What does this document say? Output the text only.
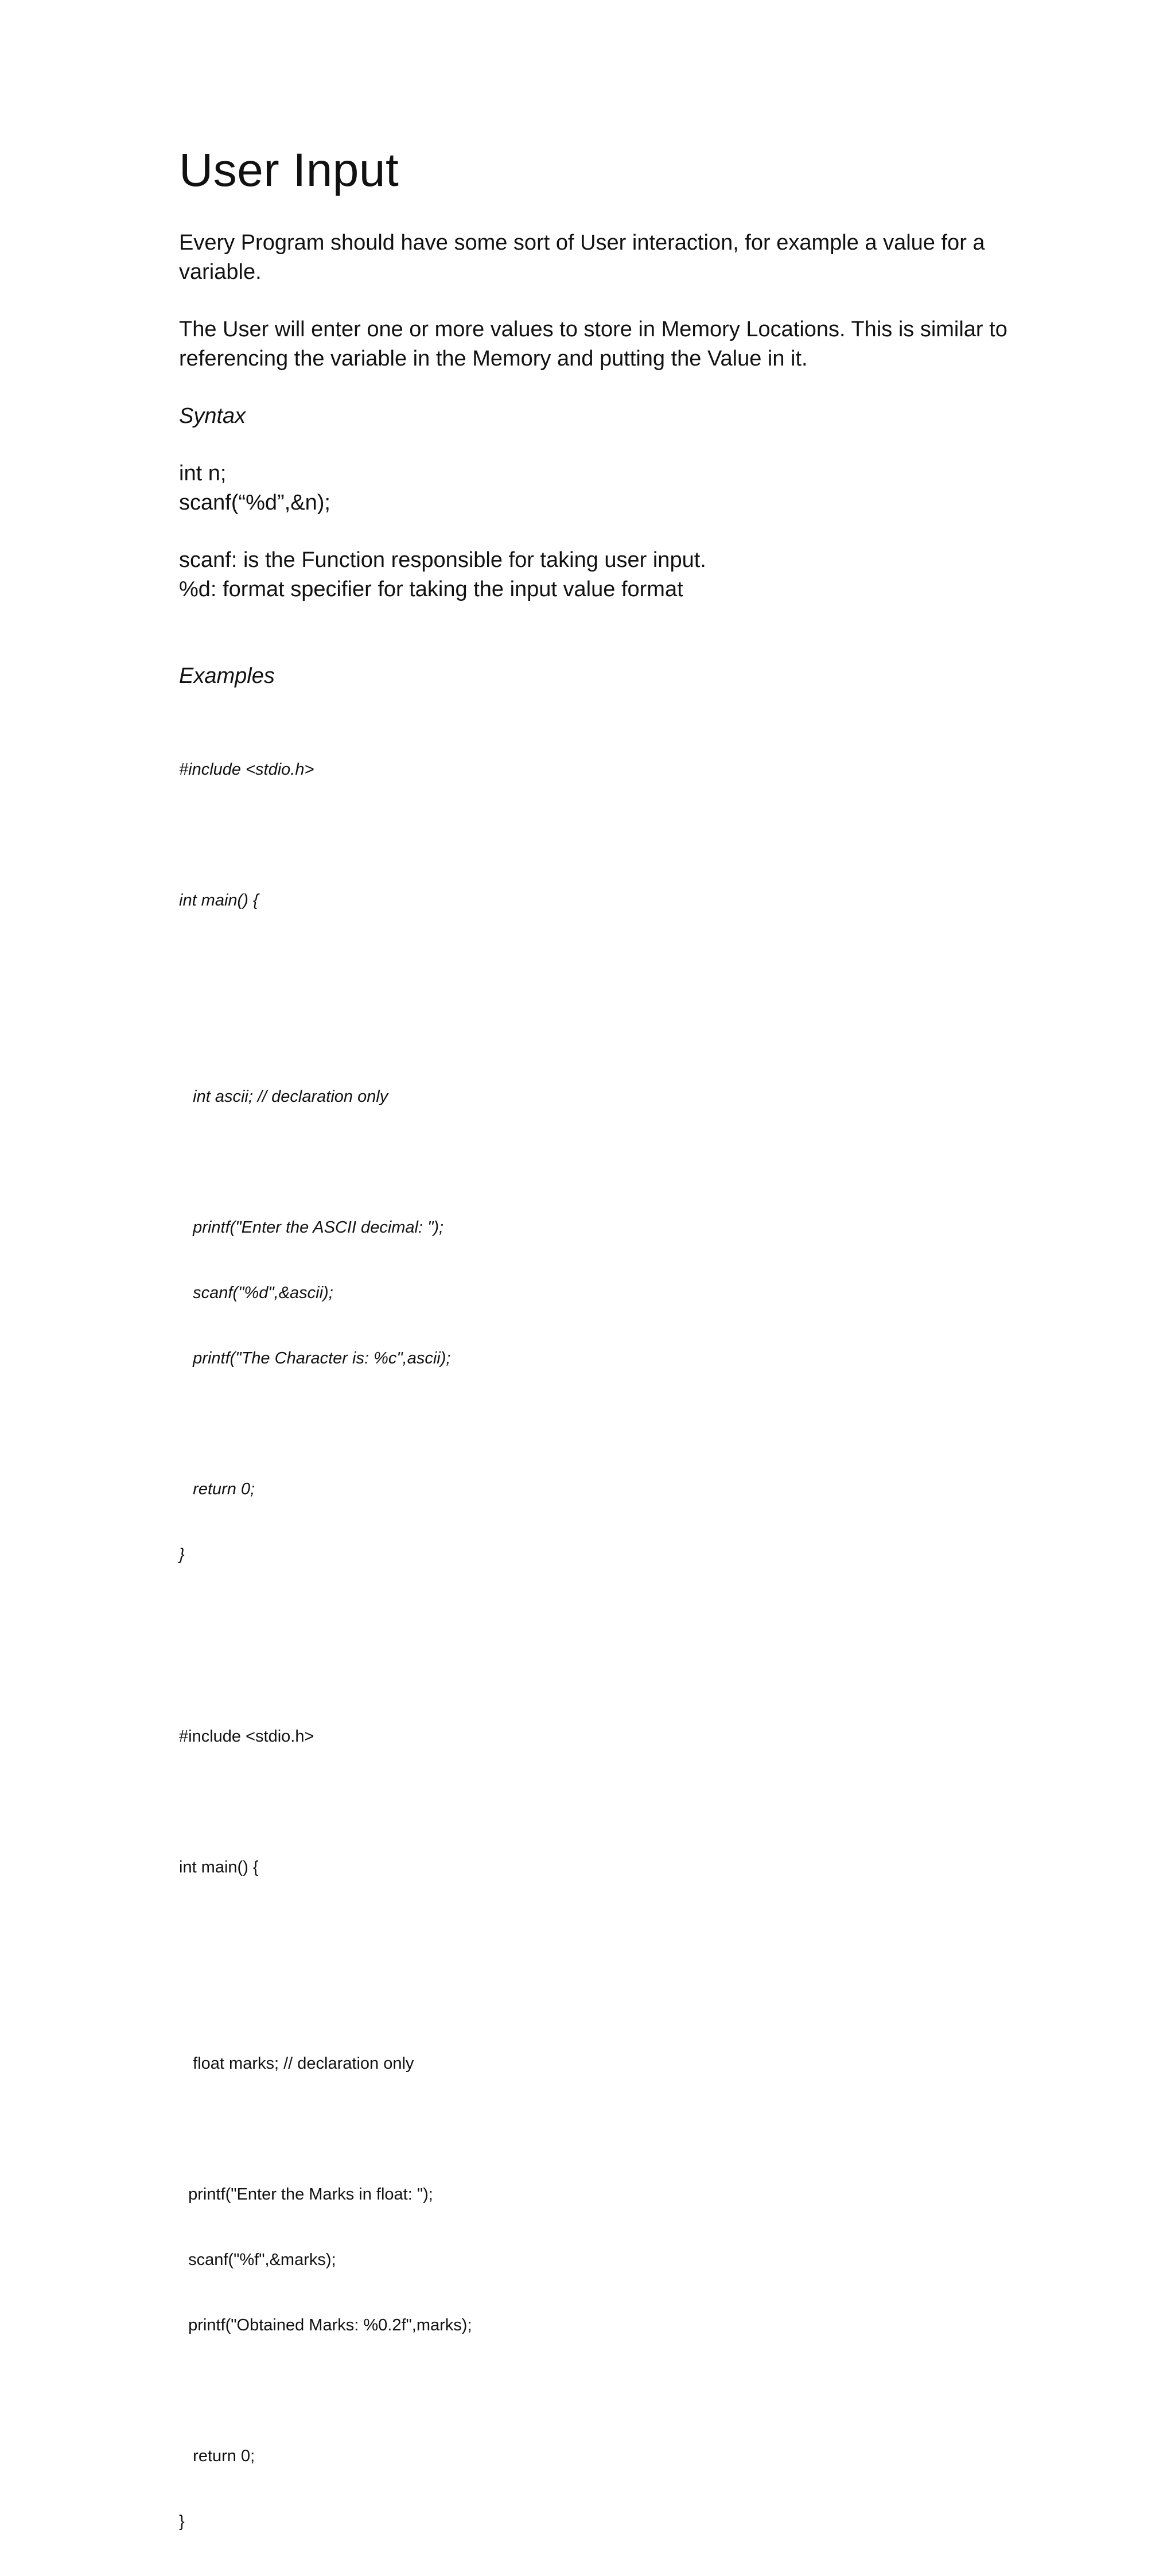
User Input

Every Program should have some sort of User interaction, for example a value for a variable.

The User will enter one or more values to store in Memory Locations. This is similar to referencing the variable in the Memory and putting the Value in it.

Syntax
int n;
scanf(“%d”,&n);
scanf: is the Function responsible for taking user input.
%d: format specifier for taking the input value format
Examples

#include <stdio.h>

int main() {

int ascii; // declaration only

printf("Enter the ASCII decimal: ");

scanf("%d",&ascii);

printf("The Character is: %c",ascii);

return 0;

}

#include <stdio.h>

int main() {

float marks; // declaration only

printf("Enter the Marks in float: ");

scanf("%f",&marks);

printf("Obtained Marks: %0.2f",marks);

return 0;

}
